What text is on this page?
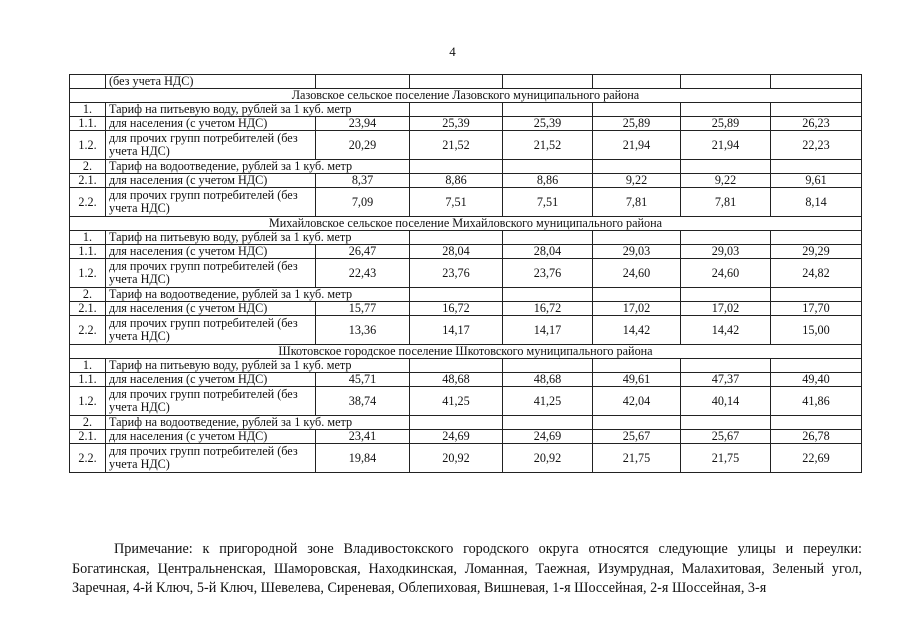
4
	(без учета НДС)						
Лазовское сельское поселение Лазовского муниципального района							
1.	Тариф на питьевую воду, рублей за 1 куб. метр						
1.1.	для населения (с учетом НДС)	23,94	25,39	25,39	25,89	25,89	26,23
1.2.	для прочих групп потребителей (без учета НДС)	20,29	21,52	21,52	21,94	21,94	22,23
2.	Тариф на водоотведение, рублей за 1 куб. метр						
2.1.	для населения (с учетом НДС)	8,37	8,86	8,86	9,22	9,22	9,61
2.2.	для прочих групп потребителей (без учета НДС)	7,09	7,51	7,51	7,81	7,81	8,14
Михайловское сельское поселение Михайловского муниципального района							
1.	Тариф на питьевую воду, рублей за 1 куб. метр						
1.1.	для населения (с учетом НДС)	26,47	28,04	28,04	29,03	29,03	29,29
1.2.	для прочих групп потребителей (без учета НДС)	22,43	23,76	23,76	24,60	24,60	24,82
2.	Тариф на водоотведение, рублей за 1 куб. метр						
2.1.	для населения (с учетом НДС)	15,77	16,72	16,72	17,02	17,02	17,70
2.2.	для прочих групп потребителей (без учета НДС)	13,36	14,17	14,17	14,42	14,42	15,00
Шкотовское городское поселение Шкотовского муниципального района							
1.	Тариф на питьевую воду, рублей за 1 куб. метр						
1.1.	для населения (с учетом НДС)	45,71	48,68	48,68	49,61	47,37	49,40
1.2.	для прочих групп потребителей (без учета НДС)	38,74	41,25	41,25	42,04	40,14	41,86
2.	Тариф на водоотведение, рублей за 1 куб. метр						
2.1.	для населения (с учетом НДС)	23,41	24,69	24,69	25,67	25,67	26,78
2.2.	для прочих групп потребителей (без учета НДС)	19,84	20,92	20,92	21,75	21,75	22,69
Примечание: к пригородной зоне Владивостокского городского округа относятся следующие улицы и переулки: Богатинская, Центральненская, Шаморовская, Находкинская, Ломанная, Таежная, Изумрудная, Малахитовая, Зеленый угол, Заречная, 4-й Ключ, 5-й Ключ, Шевелева, Сиреневая, Облепиховая, Вишневая, 1-я Шоссейная, 2-я Шоссейная, 3-я
